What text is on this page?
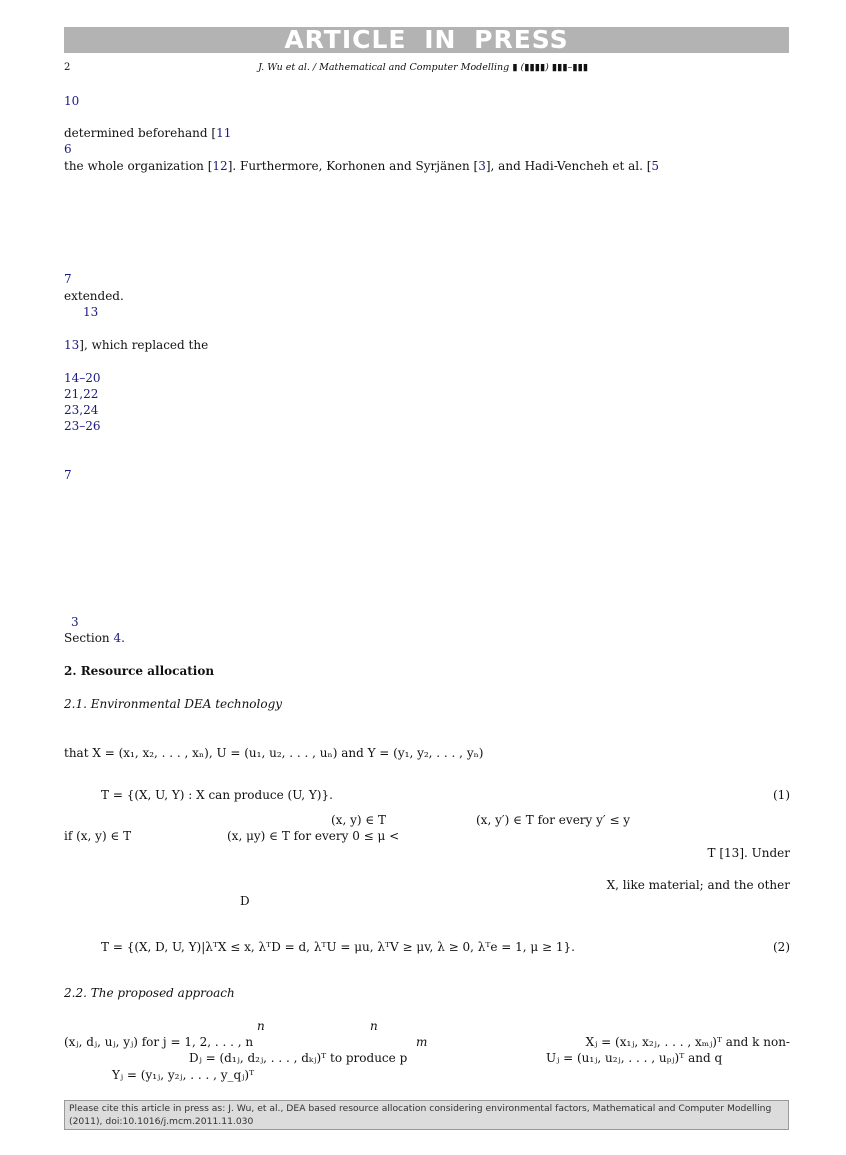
ARTICLE IN PRESS
2	J. Wu et al. / Mathematical and Computer Modelling ▮ (▮▮▮▮) ▮▮▮–▮▮▮
10
determined beforehand [11
6
the whole organization [12]. Furthermore, Korhonen and Syrjänen [3], and Hadi-Vencheh et al. [5
7
extended.
13
13], which replaced the
14–20
21,22
23,24
23–26
7
3
Section 4.
2. Resource allocation
2.1. Environmental DEA technology
that X = (x₁, x₂, . . . , xₙ), U = (u₁, u₂, . . . , uₙ) and Y = (y₁, y₂, . . . , yₙ)
T = {(X, U, Y) : X can produce (U, Y)}.	(1)
(x, y) ∈ T	(x, y′) ∈ T for every y′ ≤ y
if (x, y) ∈ T	(x, μy) ∈ T for every 0 ≤ μ <
T [13]. Under
X, like material; and the other
D
T = {(X, D, U, Y)|λᵀX ≤ x, λᵀD = d, λᵀU = μu, λᵀV ≥ μv, λ ≥ 0, λᵀe = 1, μ ≥ 1}.	(2)
2.2. The proposed approach
n	n
(xⱼ, dⱼ, uⱼ, yⱼ) for j = 1, 2, . . . , n	m	Xⱼ = (x₁ⱼ, x₂ⱼ, . . . , xₘⱼ)ᵀ and k non-
Dⱼ = (d₁ⱼ, d₂ⱼ, . . . , dₖⱼ)ᵀ to produce p	Uⱼ = (u₁ⱼ, u₂ⱼ, . . . , uₚⱼ)ᵀ and q
Yⱼ = (y₁ⱼ, y₂ⱼ, . . . , y_qⱼ)ᵀ
Please cite this article in press as: J. Wu, et al., DEA based resource allocation considering environmental factors, Mathematical and Computer Modelling (2011), doi:10.1016/j.mcm.2011.11.030
